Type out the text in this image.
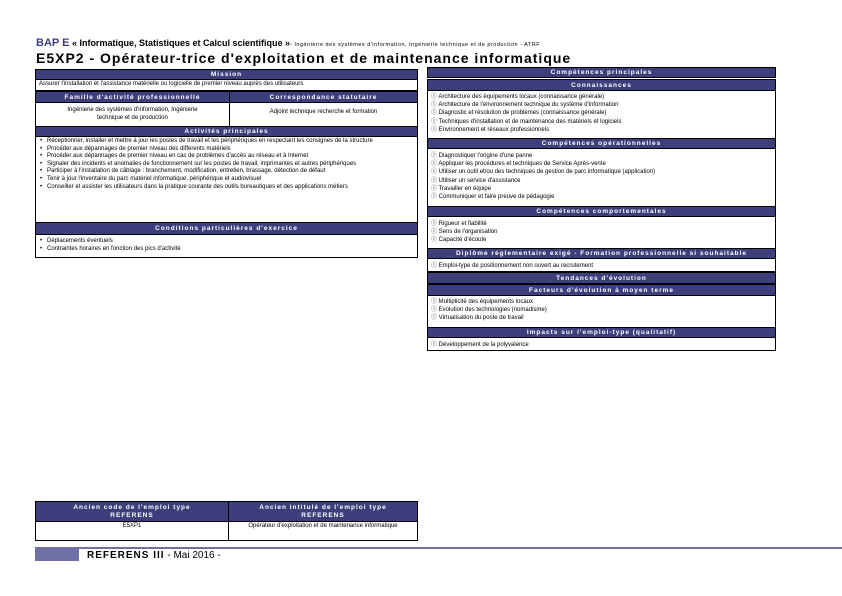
BAP E « Informatique, Statistiques et Calcul scientifique »- Ingénierie des systèmes d'information, Ingénierie technique et de production - ATRF
E5XP2 - Opérateur-trice d'exploitation et de maintenance informatique
Mission
Assurer l'installation et l'assistance matérielle ou logicielle de premier niveau auprès des utilisateurs
Famille d'activité professionnelle	Correspondance statutaire
Ingénierie des systèmes d'information, Ingénierie technique et de production
Adjoint technique recherche et formation
Activités principales
• Réceptionner, installer et mettre à jour les postes de travail et les périphériques en respectant les consignes de la structure
• Procéder aux dépannages de premier niveau des différents matériels
• Procéder aux dépannages de premier niveau en cas de problèmes d'accès au réseau et à Internet
• Signaler des incidents et anomalies de fonctionnement sur les postes de travail, imprimantes et autres périphériques
• Participer à l'installation de câblage : branchement, modification, entretien, brassage, détection de défaut
• Tenir à jour l'inventaire du parc matériel informatique, périphérique et audiovisuel
• Conseiller et assister les utilisateurs dans la pratique courante des outils bureautiques et des applications métiers
Conditions particulières d'exercice
• Déplacements éventuels
• Contraintes horaires en fonction des pics d'activité
Compétences principales
Connaissances
Ⓘ Architecture des équipements locaux (connaissance générale)
Ⓘ Architecture de l'environnement technique du système d'information
Ⓘ Diagnostic et résolution de problèmes (connaissance générale)
Ⓘ Techniques d'installation et de maintenance des matériels et logiciels
Ⓘ Environnement et réseaux professionnels
Compétences opérationnelles
Ⓘ Diagnostiquer l'origine d'une panne
Ⓘ Appliquer les procédures et techniques de Service Après-vente
Ⓘ Utiliser un outil et/ou des techniques de gestion de parc informatique (application)
Ⓘ Utiliser un service d'assistance
Ⓘ Travailler en équipe
Ⓘ Communiquer et faire preuve de pédagogie
Compétences comportementales
Ⓘ Rigueur et fiabilité
Ⓘ Sens de l'organisation
Ⓘ Capacité d'écoute
Diplôme réglementaire exigé - Formation professionnelle si souhaitable
Ⓘ Emploi-type de positionnement non ouvert au recrutement
Tendances d'évolution
Facteurs d'évolution à moyen terme
Ⓘ Multiplicité des équipements locaux
Ⓘ Evolution des technologies (nomadisme)
Ⓘ Virtualisation du poste de travail
Impacts sur l'emploi-type (qualitatif)
Ⓘ Développement de la polyvalence
Ancien code de l'emploi type REFERENS
Ancien intitulé de l'emploi type REFERENS
E5XP1	Opérateur d'exploitation et de maintenance informatique
REFERENS III - Mai 2016 -
